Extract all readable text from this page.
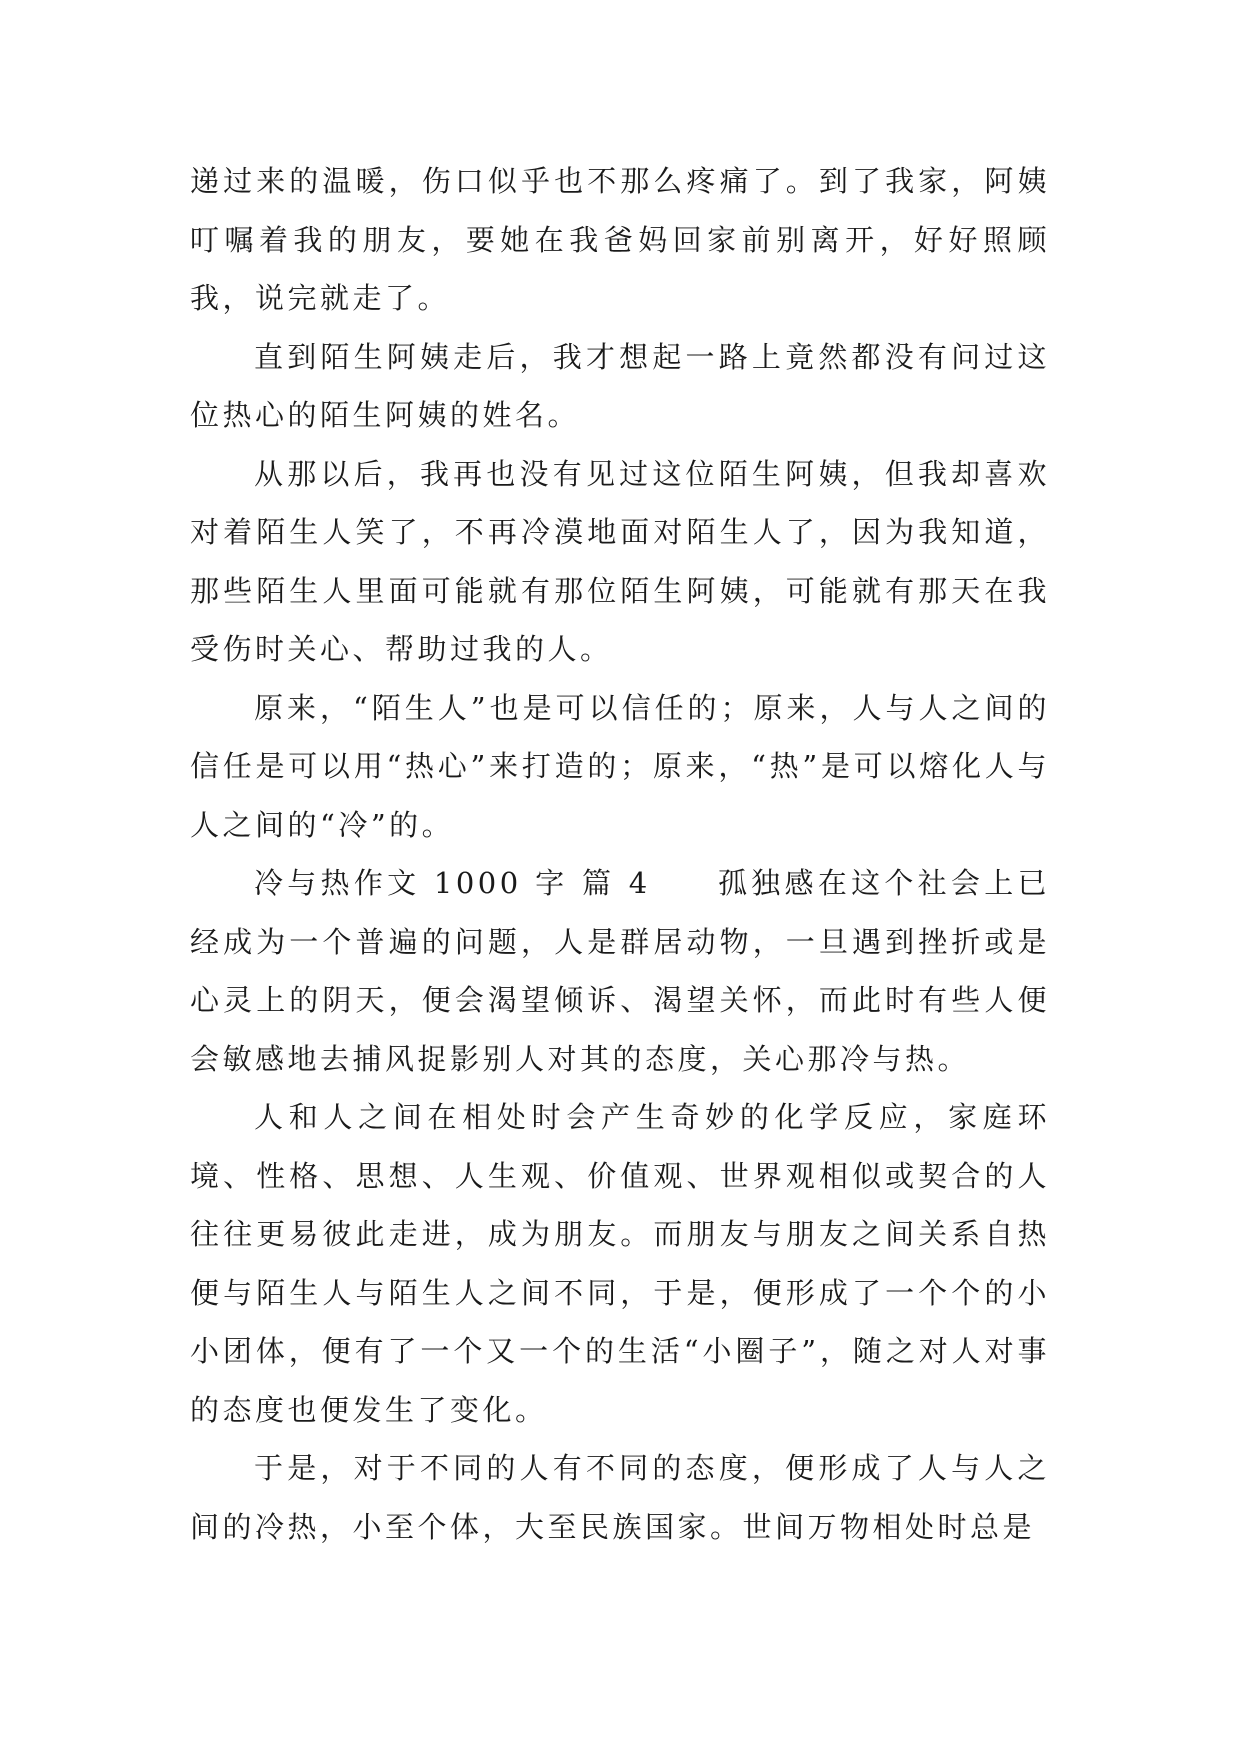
递过来的温暖，伤口似乎也不那么疼痛了。到了我家，阿姨叮嘱着我的朋友，要她在我爸妈回家前别离开，好好照顾我，说完就走了。

直到陌生阿姨走后，我才想起一路上竟然都没有问过这位热心的陌生阿姨的姓名。

从那以后，我再也没有见过这位陌生阿姨，但我却喜欢对着陌生人笑了，不再冷漠地面对陌生人了，因为我知道，那些陌生人里面可能就有那位陌生阿姨，可能就有那天在我受伤时关心、帮助过我的人。

原来，“陌生人”也是可以信任的；原来，人与人之间的信任是可以用“热心”来打造的；原来，“热”是可以熔化人与人之间的“冷”的。

冷与热作文 1000 字 篇 4　　孤独感在这个社会上已经成为一个普遍的问题，人是群居动物，一旦遇到挫折或是心灵上的阴天，便会渴望倾诉、渴望关怀，而此时有些人便会敏感地去捕风捉影别人对其的态度，关心那冷与热。

人和人之间在相处时会产生奇妙的化学反应，家庭环境、性格、思想、人生观、价值观、世界观相似或契合的人往往更易彼此走进，成为朋友。而朋友与朋友之间关系自热便与陌生人与陌生人之间不同，于是，便形成了一个个的小小团体，便有了一个又一个的生活“小圈子”，随之对人对事的态度也便发生了变化。

于是，对于不同的人有不同的态度，便形成了人与人之间的冷热，小至个体，大至民族国家。世间万物相处时总是
